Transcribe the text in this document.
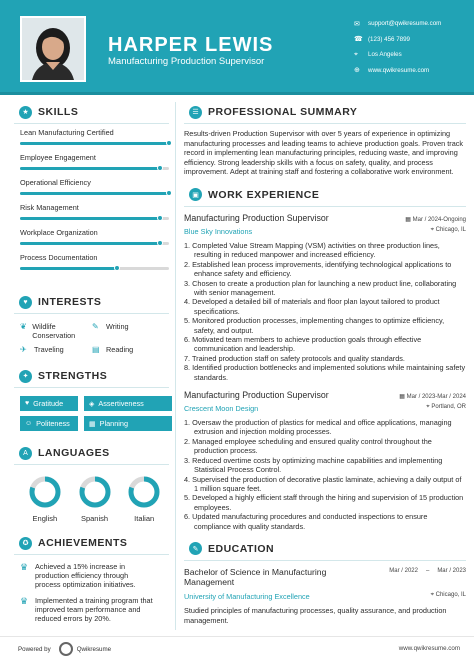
HARPER LEWIS
Manufacturing Production Supervisor
✉	support@qwikresume.com
☎ (123) 456 7899
⌖	Los Angeles
⊕	www.qwikresume.com
★ SKILLS
Lean Manufacturing Certified
Employee Engagement
Operational Efficiency
Risk Management
Workplace Organization
Process Documentation
♥ INTERESTS
❦ Wildlife Conservation
✎ Writing
✈ Traveling	▤ Reading
✦ STRENGTHS
♥ Gratitude	◈ Assertiveness
☺ Politeness	▦ Planning
A LANGUAGES
English	Spanish	Italian
✪ ACHIEVEMENTS
♛ Achieved a 15% increase in production efficiency through process optimization initiatives.
♛ Implemented a training program that improved team performance and reduced errors by 20%.
☰ PROFESSIONAL SUMMARY
Results-driven Production Supervisor with over 5 years of experience in optimizing manufacturing processes and leading teams to achieve production goals. Proven track record in implementing lean manufacturing principles, reducing waste, and improving efficiency. Strong leadership skills with a focus on safety, quality, and process improvement. Adept at training staff and fostering a collaborative work environment.
▣ WORK EXPERIENCE
Manufacturing Production Supervisor	▦ Mar / 2024-Ongoing
Blue Sky Innovations	⌖ Chicago, IL
1. Completed Value Stream Mapping (VSM) activities on three production lines, resulting in reduced manpower and increased efficiency.
2. Established lean process improvements, identifying technological applications to enhance safety and efficiency.
3. Chosen to create a production plan for launching a new product line, collaborating with senior management.
4. Developed a detailed bill of materials and floor plan layout tailored to product specifications.
5. Monitored production processes, implementing changes to optimize efficiency, safety, and output.
6. Motivated team members to achieve production goals through effective communication and leadership.
7. Trained production staff on safety protocols and quality standards.
8. Identified production bottlenecks and implemented solutions while maintaining safety standards.
Manufacturing Production Supervisor	▦ Mar / 2023-Mar / 2024
Crescent Moon Design	⌖ Portland, OR
1. Oversaw the production of plastics for medical and office applications, managing extrusion and injection molding processes.
2. Managed employee scheduling and ensured quality control throughout the production process.
3. Reduced overtime costs by optimizing machine capabilities and implementing Statistical Process Control.
4. Supervised the production of decorative plastic laminate, achieving a daily output of 1 million square feet.
5. Developed a highly efficient staff through the hiring and supervision of 15 production employees.
6. Updated manufacturing procedures and conducted inspections to ensure compliance with quality standards.
✎ EDUCATION
Bachelor of Science in Manufacturing Management
Mar / 2022 – Mar / 2023
University of Manufacturing Excellence	⌖ Chicago, IL
Studied principles of manufacturing processes, quality assurance, and production management.
Powered by	Qwikresume	www.qwikresume.com
